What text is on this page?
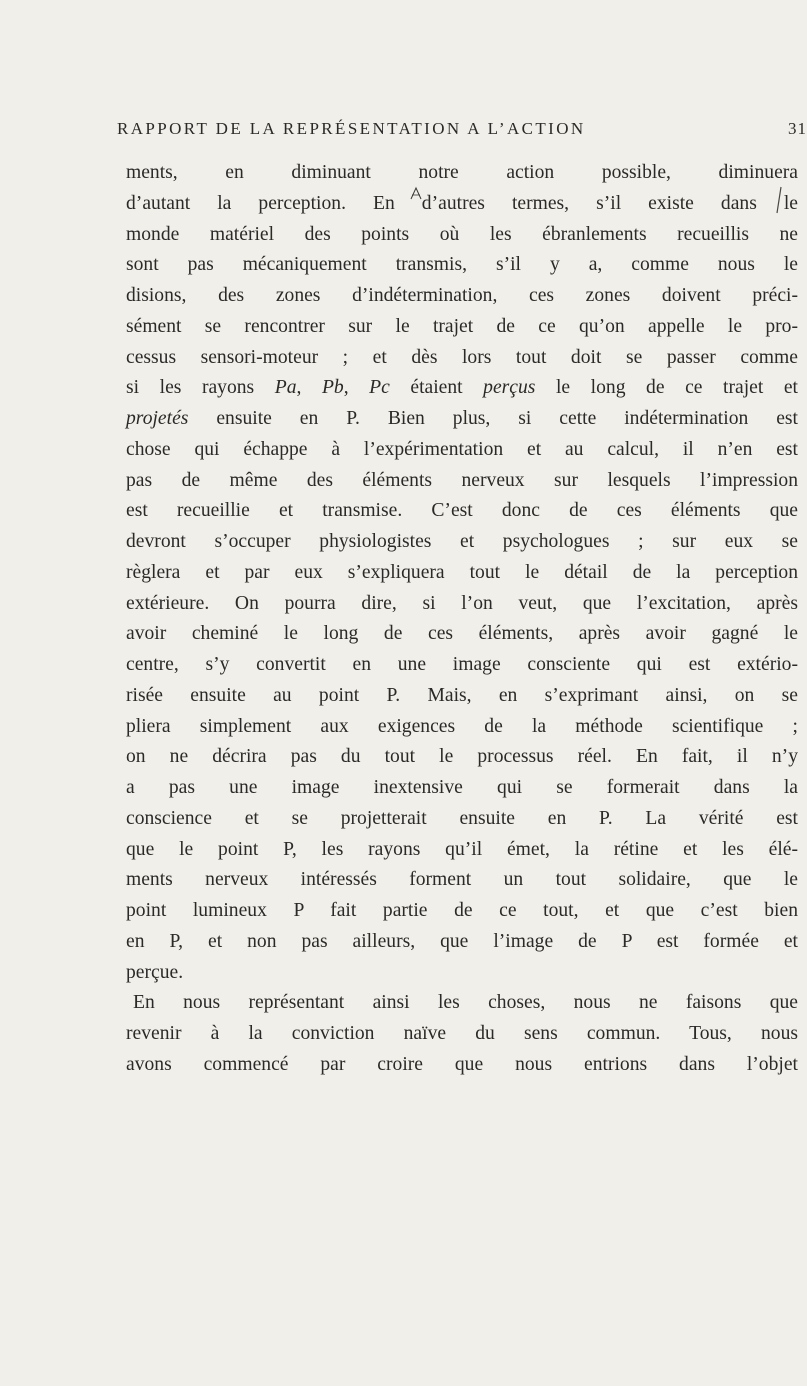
RAPPORT DE LA REPRÉSENTATION A L’ACTION	31
ments, en diminuant notre action possible, diminuera
d’autant la perception. En d’autres termes, s’il existe dans le
monde matériel des points où les ébranlements recueillis ne
sont pas mécaniquement transmis, s’il y a, comme nous le
disions, des zones d’indétermination, ces zones doivent préci-
sément se rencontrer sur le trajet de ce qu’on appelle le pro-
cessus sensori-moteur ; et dès lors tout doit se passer comme
si les rayons Pa, Pb, Pc étaient perçus le long de ce trajet et
projetés ensuite en P. Bien plus, si cette indétermination est
chose qui échappe à l’expérimentation et au calcul, il n’en est
pas de même des éléments nerveux sur lesquels l’impression
est recueillie et transmise. C’est donc de ces éléments que
devront s’occuper physiologistes et psychologues ; sur eux se
règlera et par eux s’expliquera tout le détail de la perception
extérieure. On pourra dire, si l’on veut, que l’excitation, après
avoir cheminé le long de ces éléments, après avoir gagné le
centre, s’y convertit en une image consciente qui est extério-
risée ensuite au point P. Mais, en s’exprimant ainsi, on se
pliera simplement aux exigences de la méthode scientifique ;
on ne décrira pas du tout le processus réel. En fait, il n’y
a pas une image inextensive qui se formerait dans la
conscience et se projetterait ensuite en P. La vérité est
que le point P, les rayons qu’il émet, la rétine et les élé-
ments nerveux intéressés forment un tout solidaire, que le
point lumineux P fait partie de ce tout, et que c’est bien
en P, et non pas ailleurs, que l’image de P est formée et
perçue.
En nous représentant ainsi les choses, nous ne faisons que
revenir à la conviction naïve du sens commun. Tous, nous
avons commencé par croire que nous entrions dans l’objet
